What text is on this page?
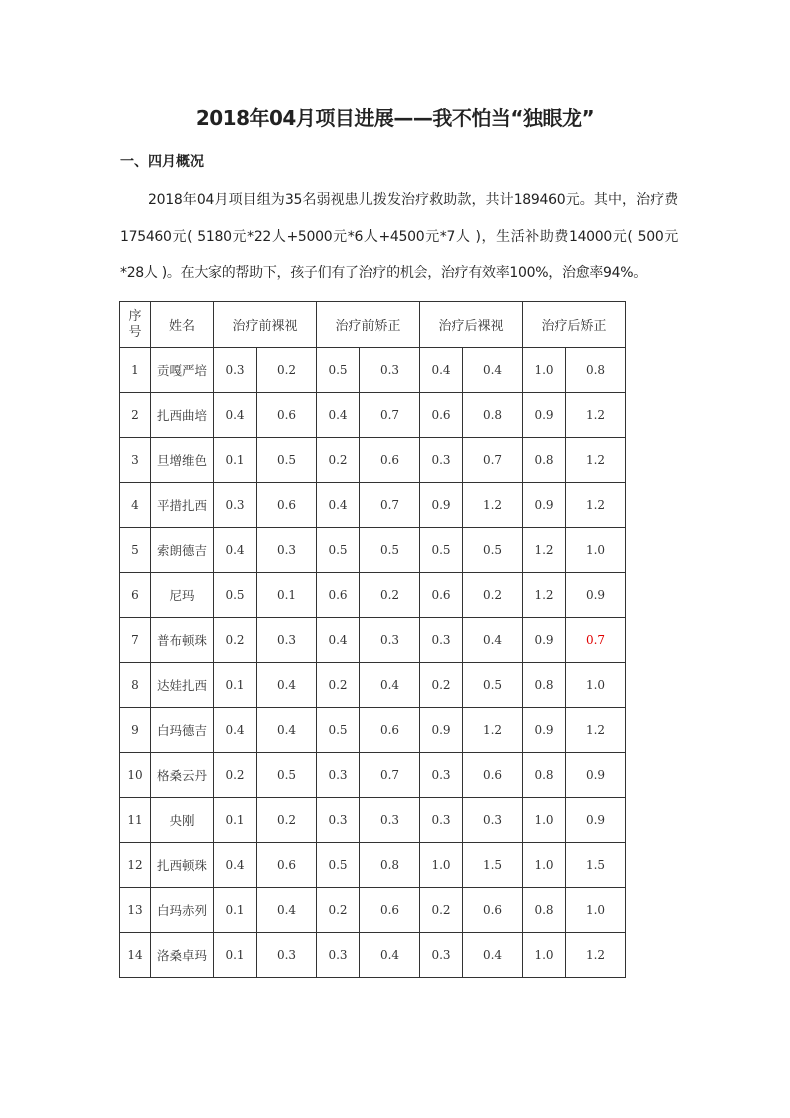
2018年04月项目进展——我不怕当“独眼龙”
一、四月概况
2018年04月项目组为35名弱视患儿拨发治疗救助款，共计189460元。其中，治疗费175460元( 5180元*22人+5000元*6人+4500元*7人 )，生活补助费14000元( 500元*28人 )。在大家的帮助下，孩子们有了治疗的机会，治疗有效率100%，治愈率94%。
序
号	姓名	治疗前裸视		治疗前矫正		治疗后裸视		治疗后矫正	
1	贡嘎严培	0.3	0.2	0.5	0.3	0.4	0.4	1.0	0.8
2	扎西曲培	0.4	0.6	0.4	0.7	0.6	0.8	0.9	1.2
3	旦增维色	0.1	0.5	0.2	0.6	0.3	0.7	0.8	1.2
4	平措扎西	0.3	0.6	0.4	0.7	0.9	1.2	0.9	1.2
5	索朗德吉	0.4	0.3	0.5	0.5	0.5	0.5	1.2	1.0
6	尼玛	0.5	0.1	0.6	0.2	0.6	0.2	1.2	0.9
7	普布顿珠	0.2	0.3	0.4	0.3	0.3	0.4	0.9	0.7
8	达娃扎西	0.1	0.4	0.2	0.4	0.2	0.5	0.8	1.0
9	白玛德吉	0.4	0.4	0.5	0.6	0.9	1.2	0.9	1.2
10	格桑云丹	0.2	0.5	0.3	0.7	0.3	0.6	0.8	0.9
11	央刚	0.1	0.2	0.3	0.3	0.3	0.3	1.0	0.9
12	扎西顿珠	0.4	0.6	0.5	0.8	1.0	1.5	1.0	1.5
13	白玛赤列	0.1	0.4	0.2	0.6	0.2	0.6	0.8	1.0
14	洛桑卓玛	0.1	0.3	0.3	0.4	0.3	0.4	1.0	1.2
